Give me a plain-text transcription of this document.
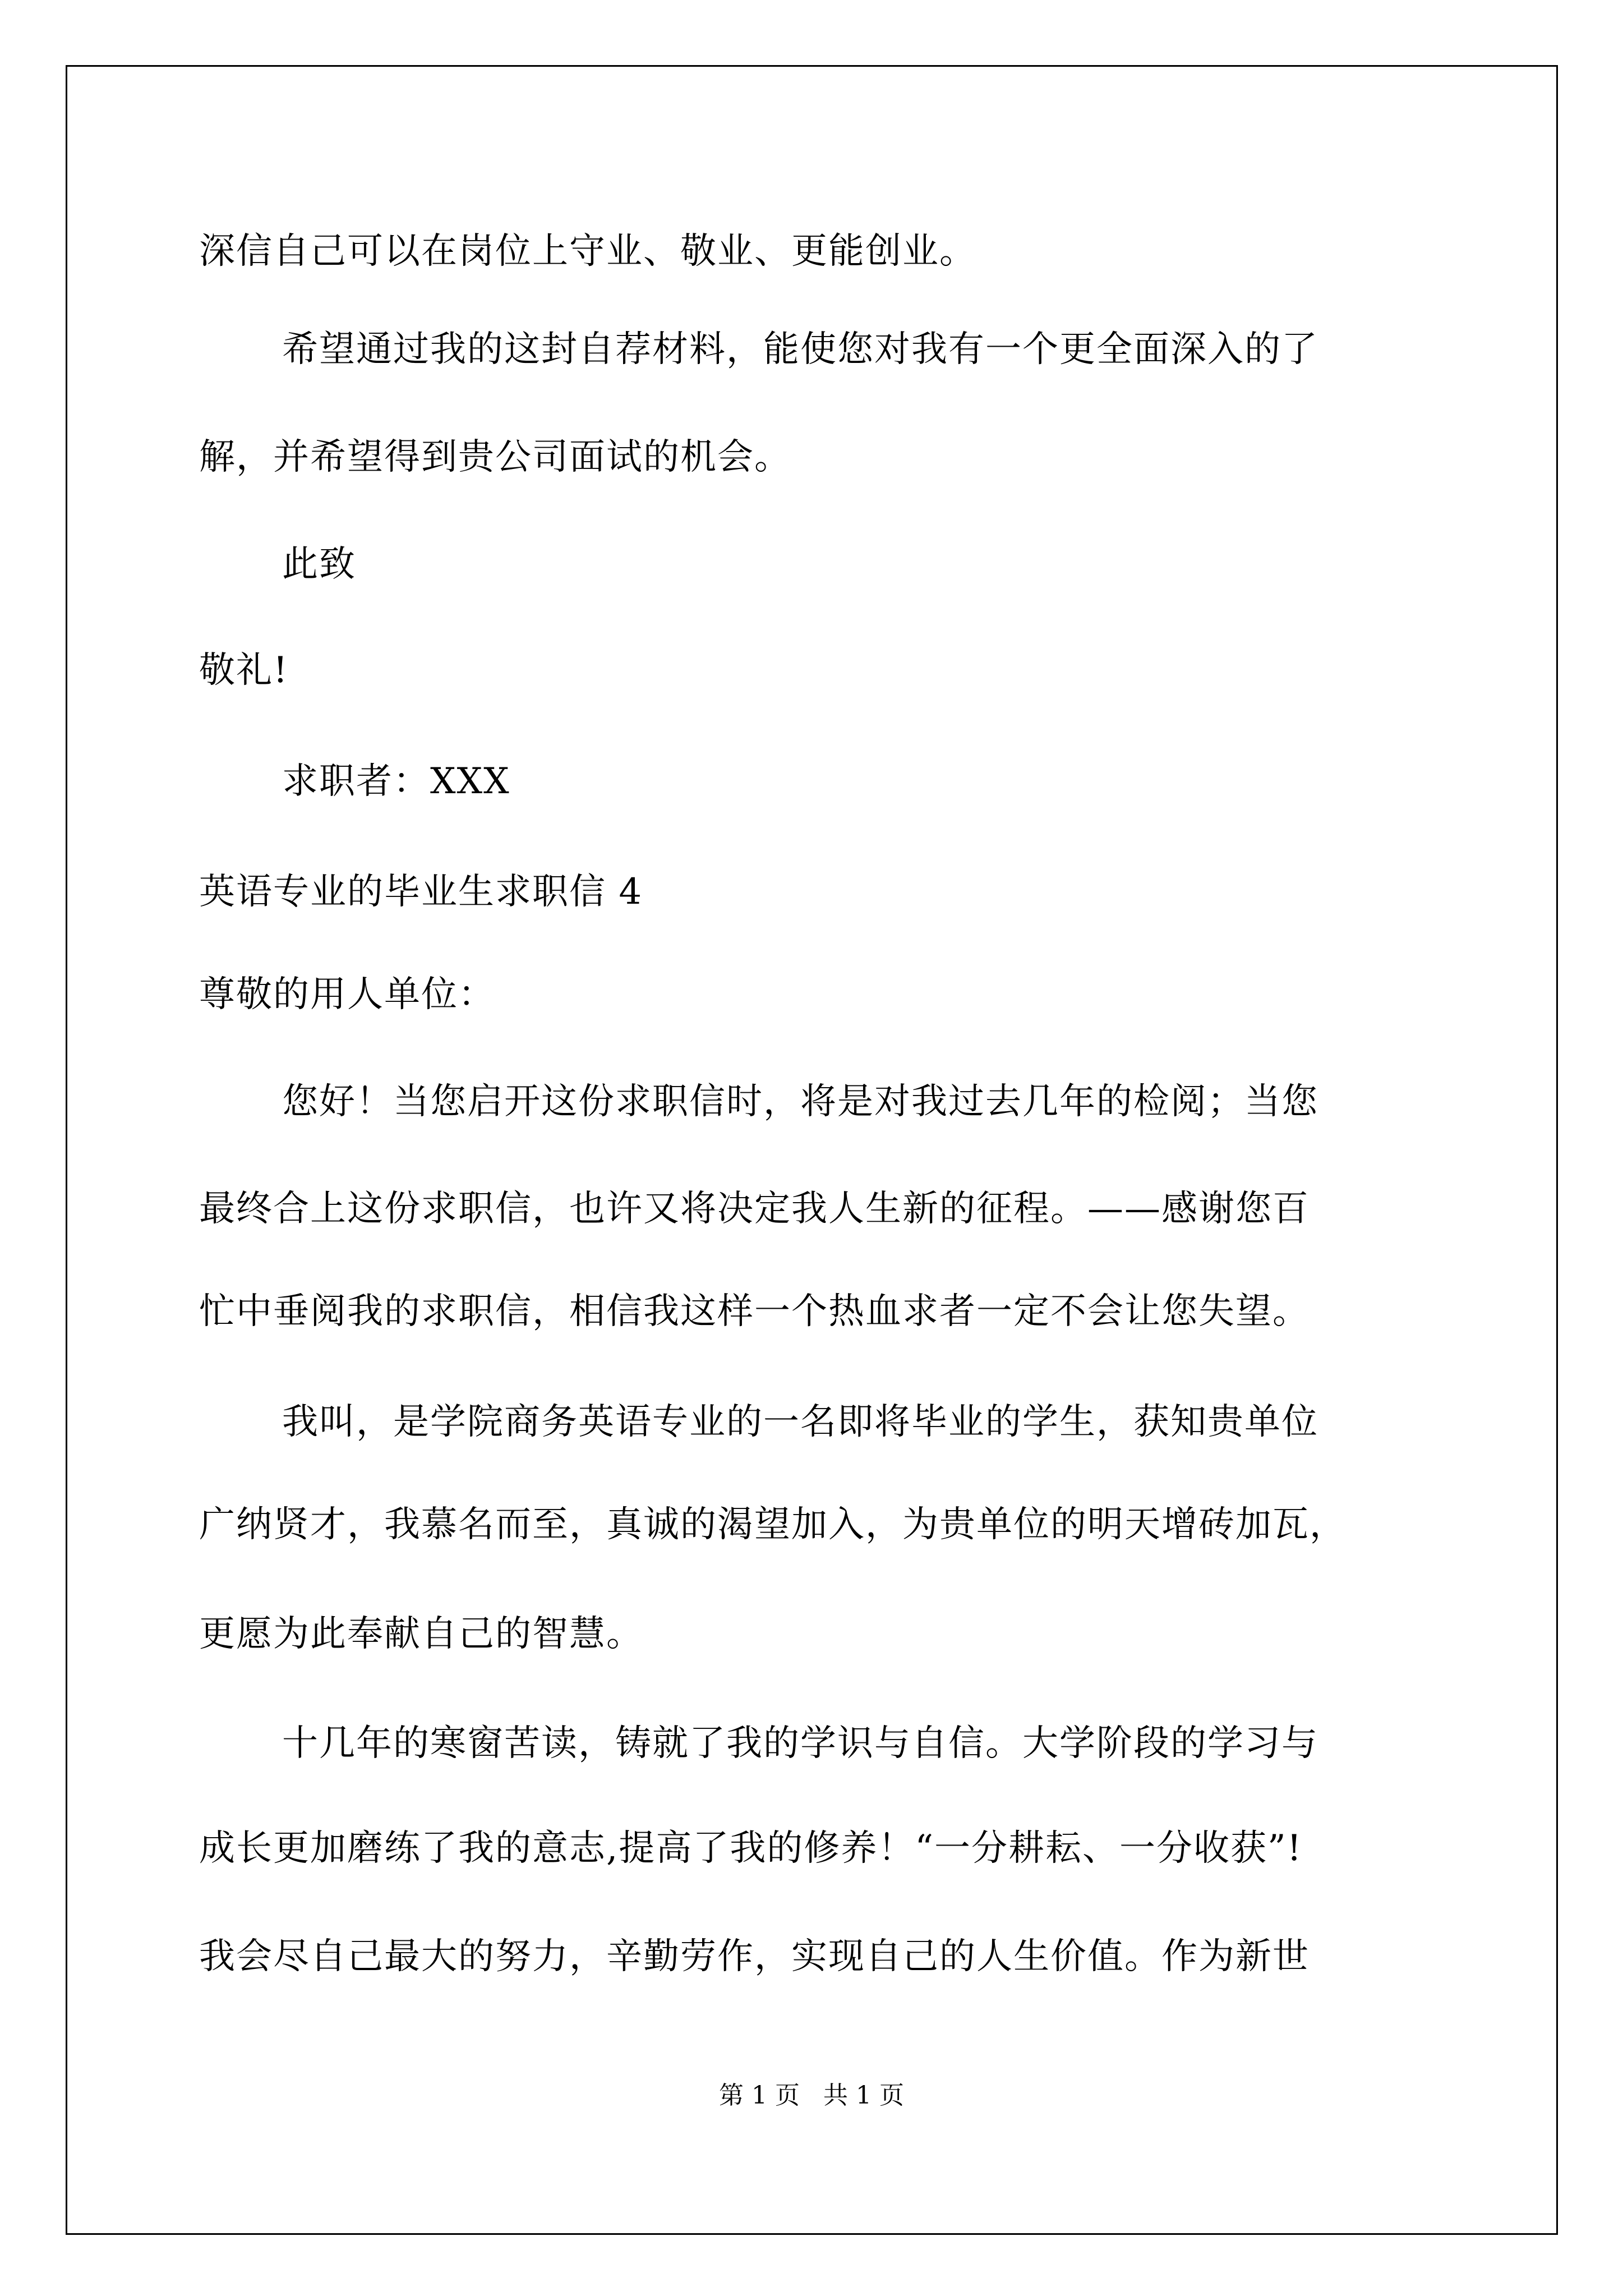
深信自己可以在岗位上守业、敬业、更能创业。
希望通过我的这封自荐材料，能使您对我有一个更全面深入的了
解，并希望得到贵公司面试的机会。
此致
敬礼!
求职者：XXX
英语专业的毕业生求职信 4
尊敬的用人单位：
您好！当您启开这份求职信时，将是对我过去几年的检阅；当您
最终合上这份求职信，也许又将决定我人生新的征程。——感谢您百
忙中垂阅我的求职信，相信我这样一个热血求者一定不会让您失望。
我叫，是学院商务英语专业的一名即将毕业的学生，获知贵单位
广纳贤才，我慕名而至，真诚的渴望加入，为贵单位的明天增砖加瓦，
更愿为此奉献自己的智慧。
十几年的寒窗苦读，铸就了我的学识与自信。大学阶段的学习与
成长更加磨练了我的意志,提高了我的修养！“一分耕耘、一分收获”!
我会尽自己最大的努力，辛勤劳作，实现自己的人生价值。作为新世
第 1 页   共 1 页
